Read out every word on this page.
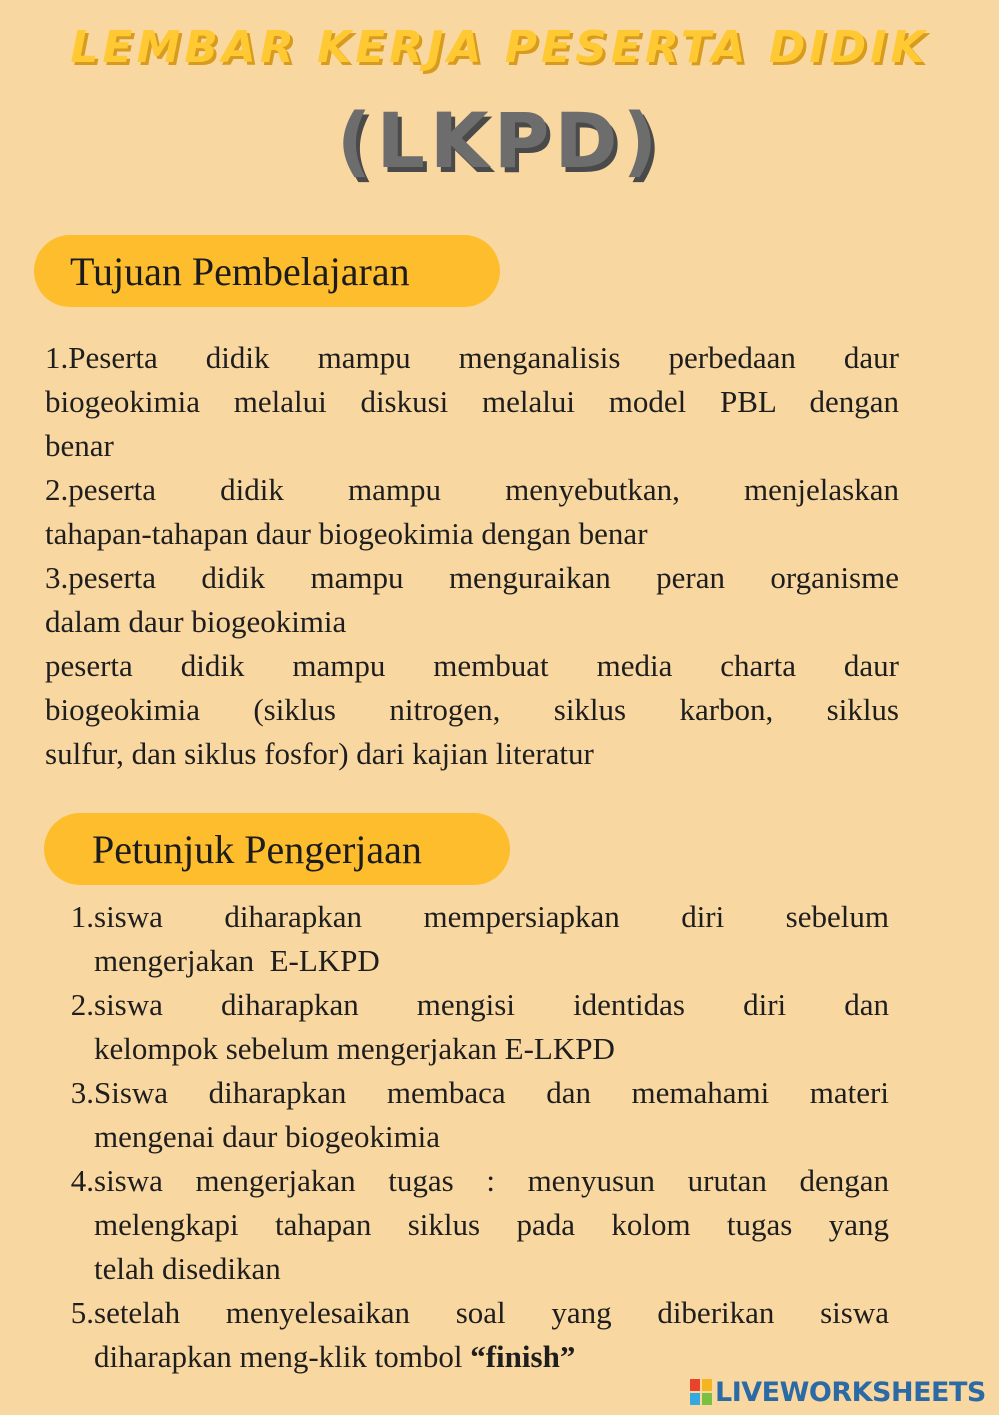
LEMBAR KERJA PESERTA DIDIK
(LKPD)
Tujuan Pembelajaran
1.Peserta didik mampu menganalisis perbedaan daur
biogeokimia melalui diskusi melalui model PBL dengan
benar
2.peserta didik mampu menyebutkan, menjelaskan
tahapan-tahapan daur biogeokimia dengan benar
3.peserta didik mampu menguraikan peran organisme
dalam daur biogeokimia
peserta didik mampu membuat media charta daur
biogeokimia (siklus nitrogen, siklus karbon, siklus
sulfur, dan siklus fosfor) dari kajian literatur
Petunjuk Pengerjaan
1. siswa diharapkan mempersiapkan diri sebelum
mengerjakan  E-LKPD
2. siswa diharapkan mengisi identidas diri dan
kelompok sebelum mengerjakan E-LKPD
3. Siswa diharapkan membaca dan memahami materi
mengenai daur biogeokimia
4. siswa mengerjakan tugas : menyusun urutan dengan
melengkapi tahapan siklus pada kolom tugas yang
telah disedikan
5. setelah menyelesaikan soal yang diberikan siswa
diharapkan meng-klik tombol “finish”
LIVEWORKSHEETS
